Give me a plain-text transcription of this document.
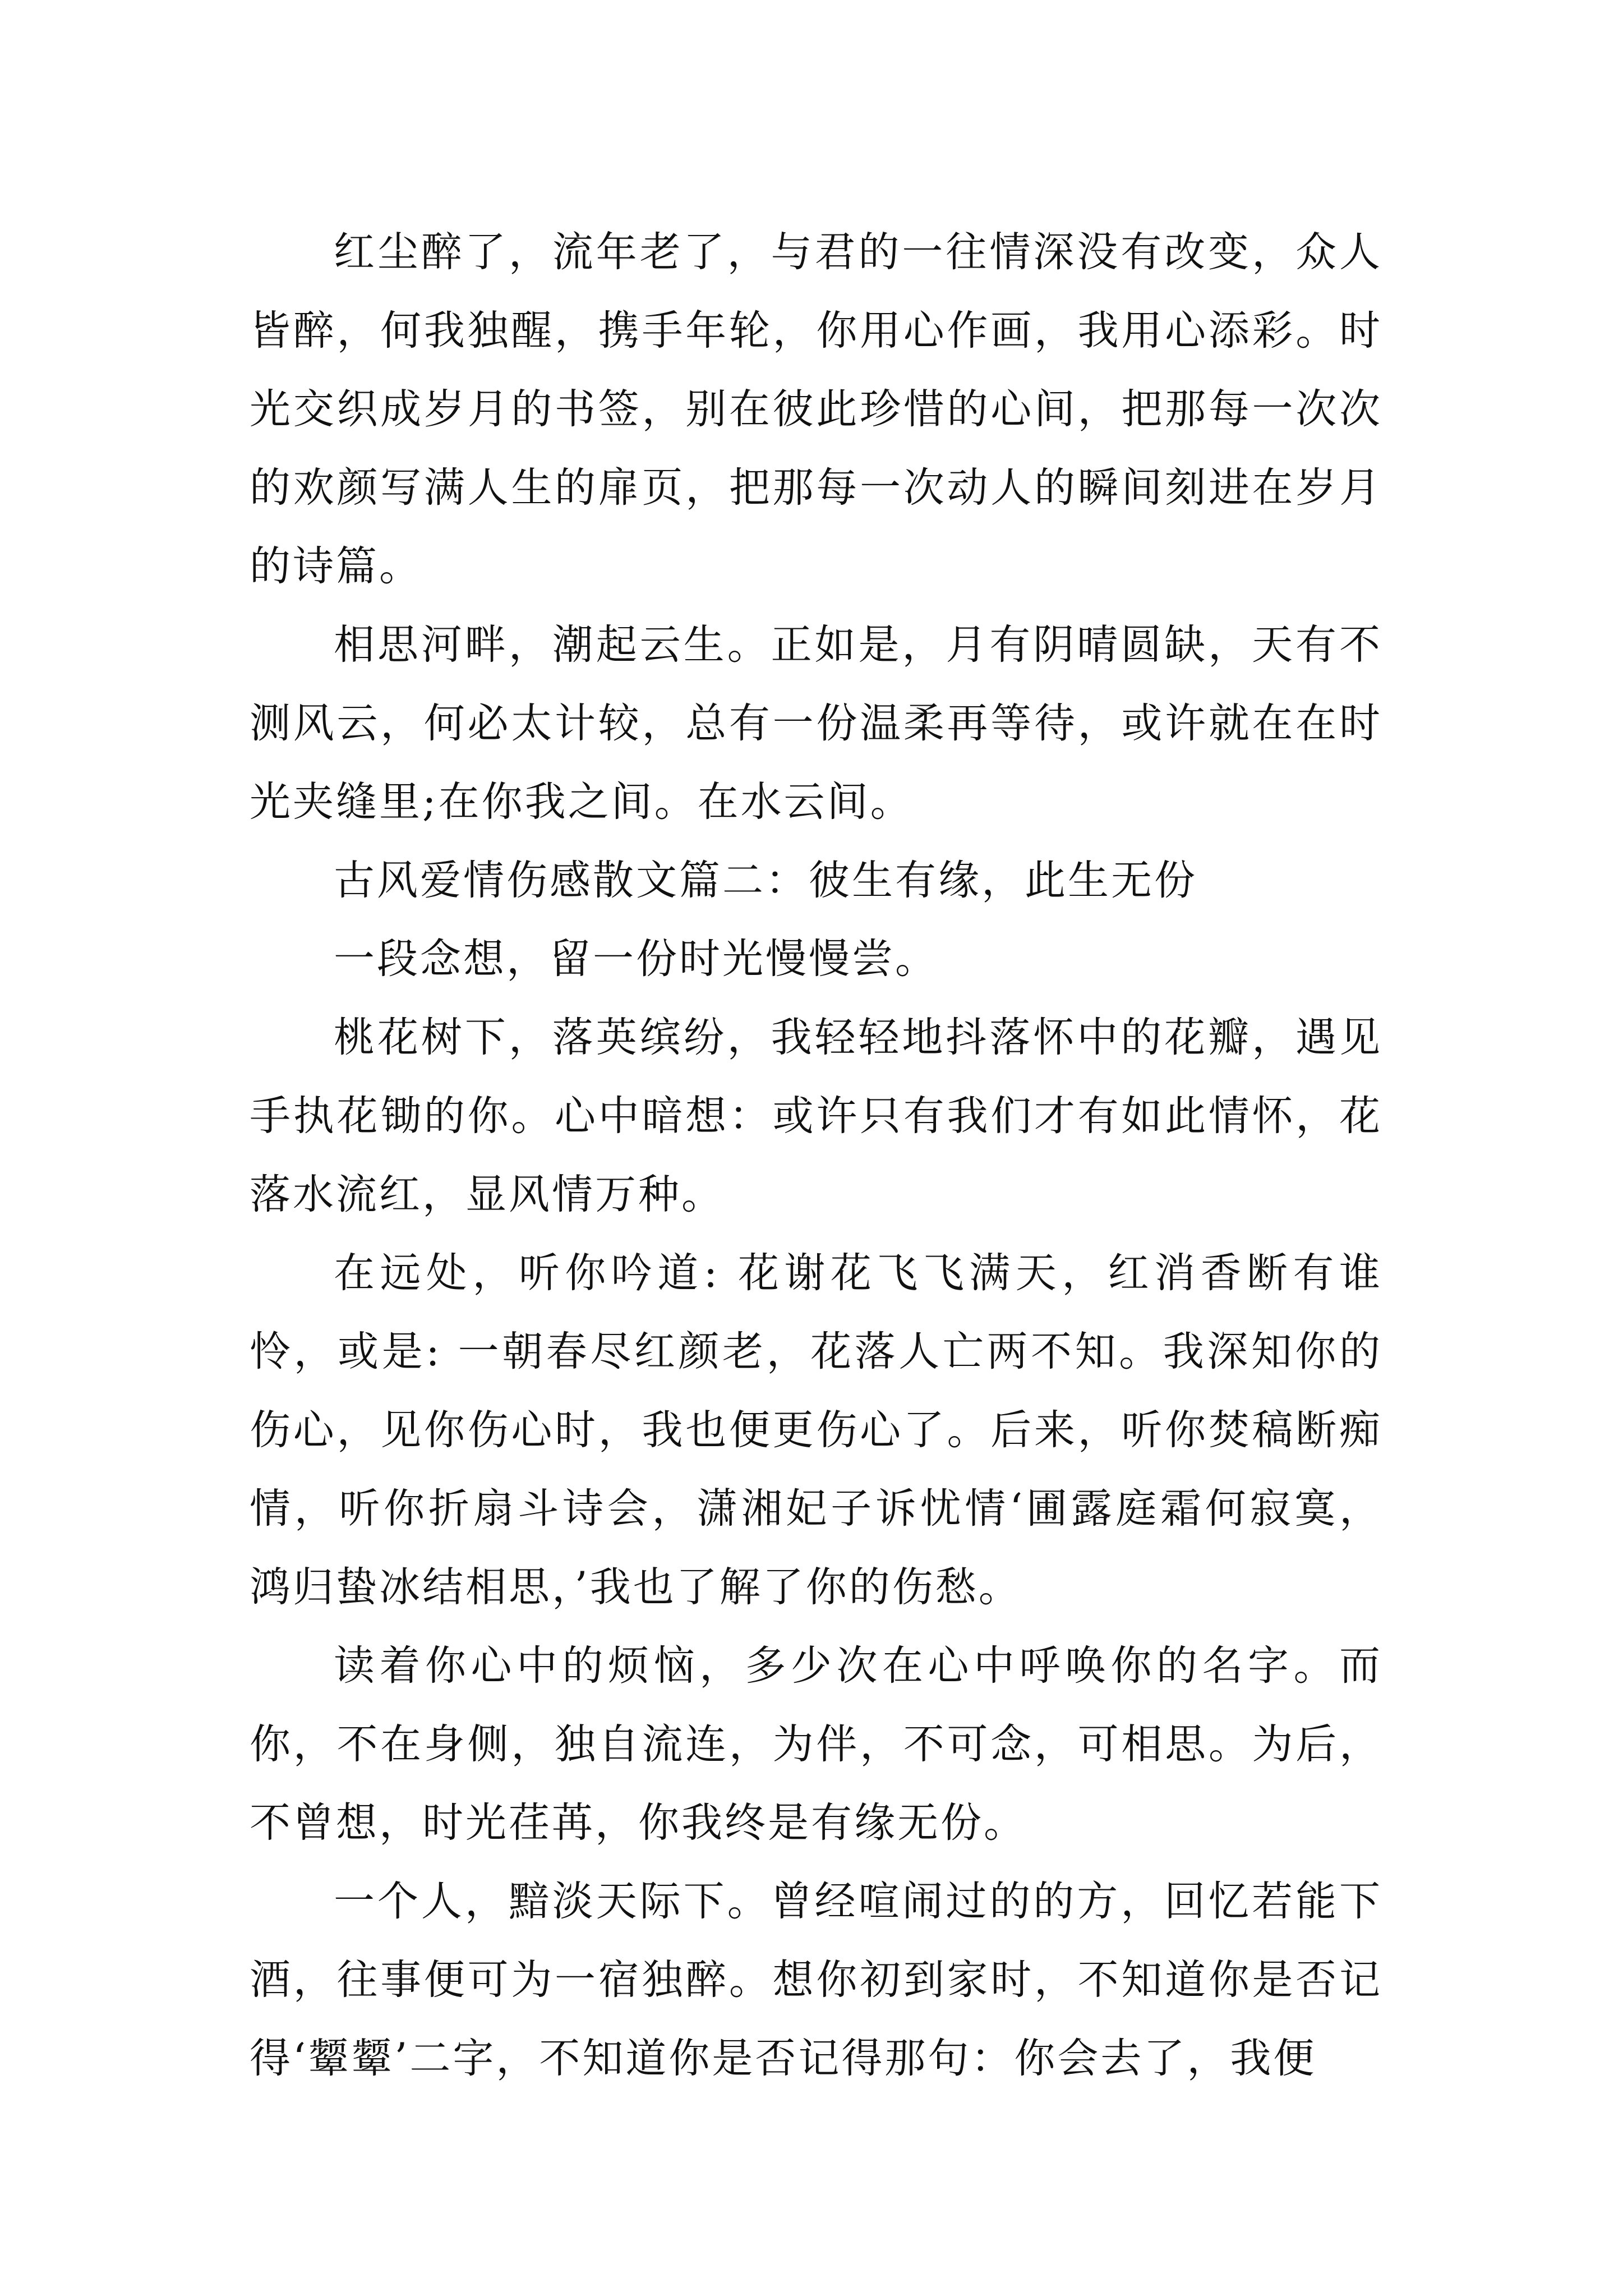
红尘醉了，流年老了，与君的一往情深没有改变，众人皆醉，何我独醒，携手年轮，你用心作画，我用心添彩。时光交织成岁月的书签，别在彼此珍惜的心间，把那每一次次的欢颜写满人生的扉页，把那每一次动人的瞬间刻进在岁月的诗篇。

相思河畔，潮起云生。正如是，月有阴晴圆缺，天有不测风云，何必太计较，总有一份温柔再等待，或许就在在时光夹缝里;在你我之间。在水云间。

古风爱情伤感散文篇二：彼生有缘，此生无份

一段念想，留一份时光慢慢尝。

桃花树下，落英缤纷，我轻轻地抖落怀中的花瓣，遇见手执花锄的你。心中暗想：或许只有我们才有如此情怀，花落水流红，显风情万种。

在远处，听你吟道: 花谢花飞飞满天，红消香断有谁怜，或是: 一朝春尽红颜老，花落人亡两不知。我深知你的伤心，见你伤心时，我也便更伤心了。后来，听你焚稿断痴情，听你折扇斗诗会，潇湘妃子诉忧情‘圃露庭霜何寂寞，鸿归蛰冰结相思，’我也了解了你的伤愁。

读着你心中的烦恼，多少次在心中呼唤你的名字。而你，不在身侧，独自流连，为伴，不可念，可相思。为后，不曾想，时光荏苒，你我终是有缘无份。

一个人，黯淡天际下。曾经喧闹过的的方，回忆若能下酒，往事便可为一宿独醉。想你初到家时，不知道你是否记得‘颦颦’二字，不知道你是否记得那句：你会去了，我便
